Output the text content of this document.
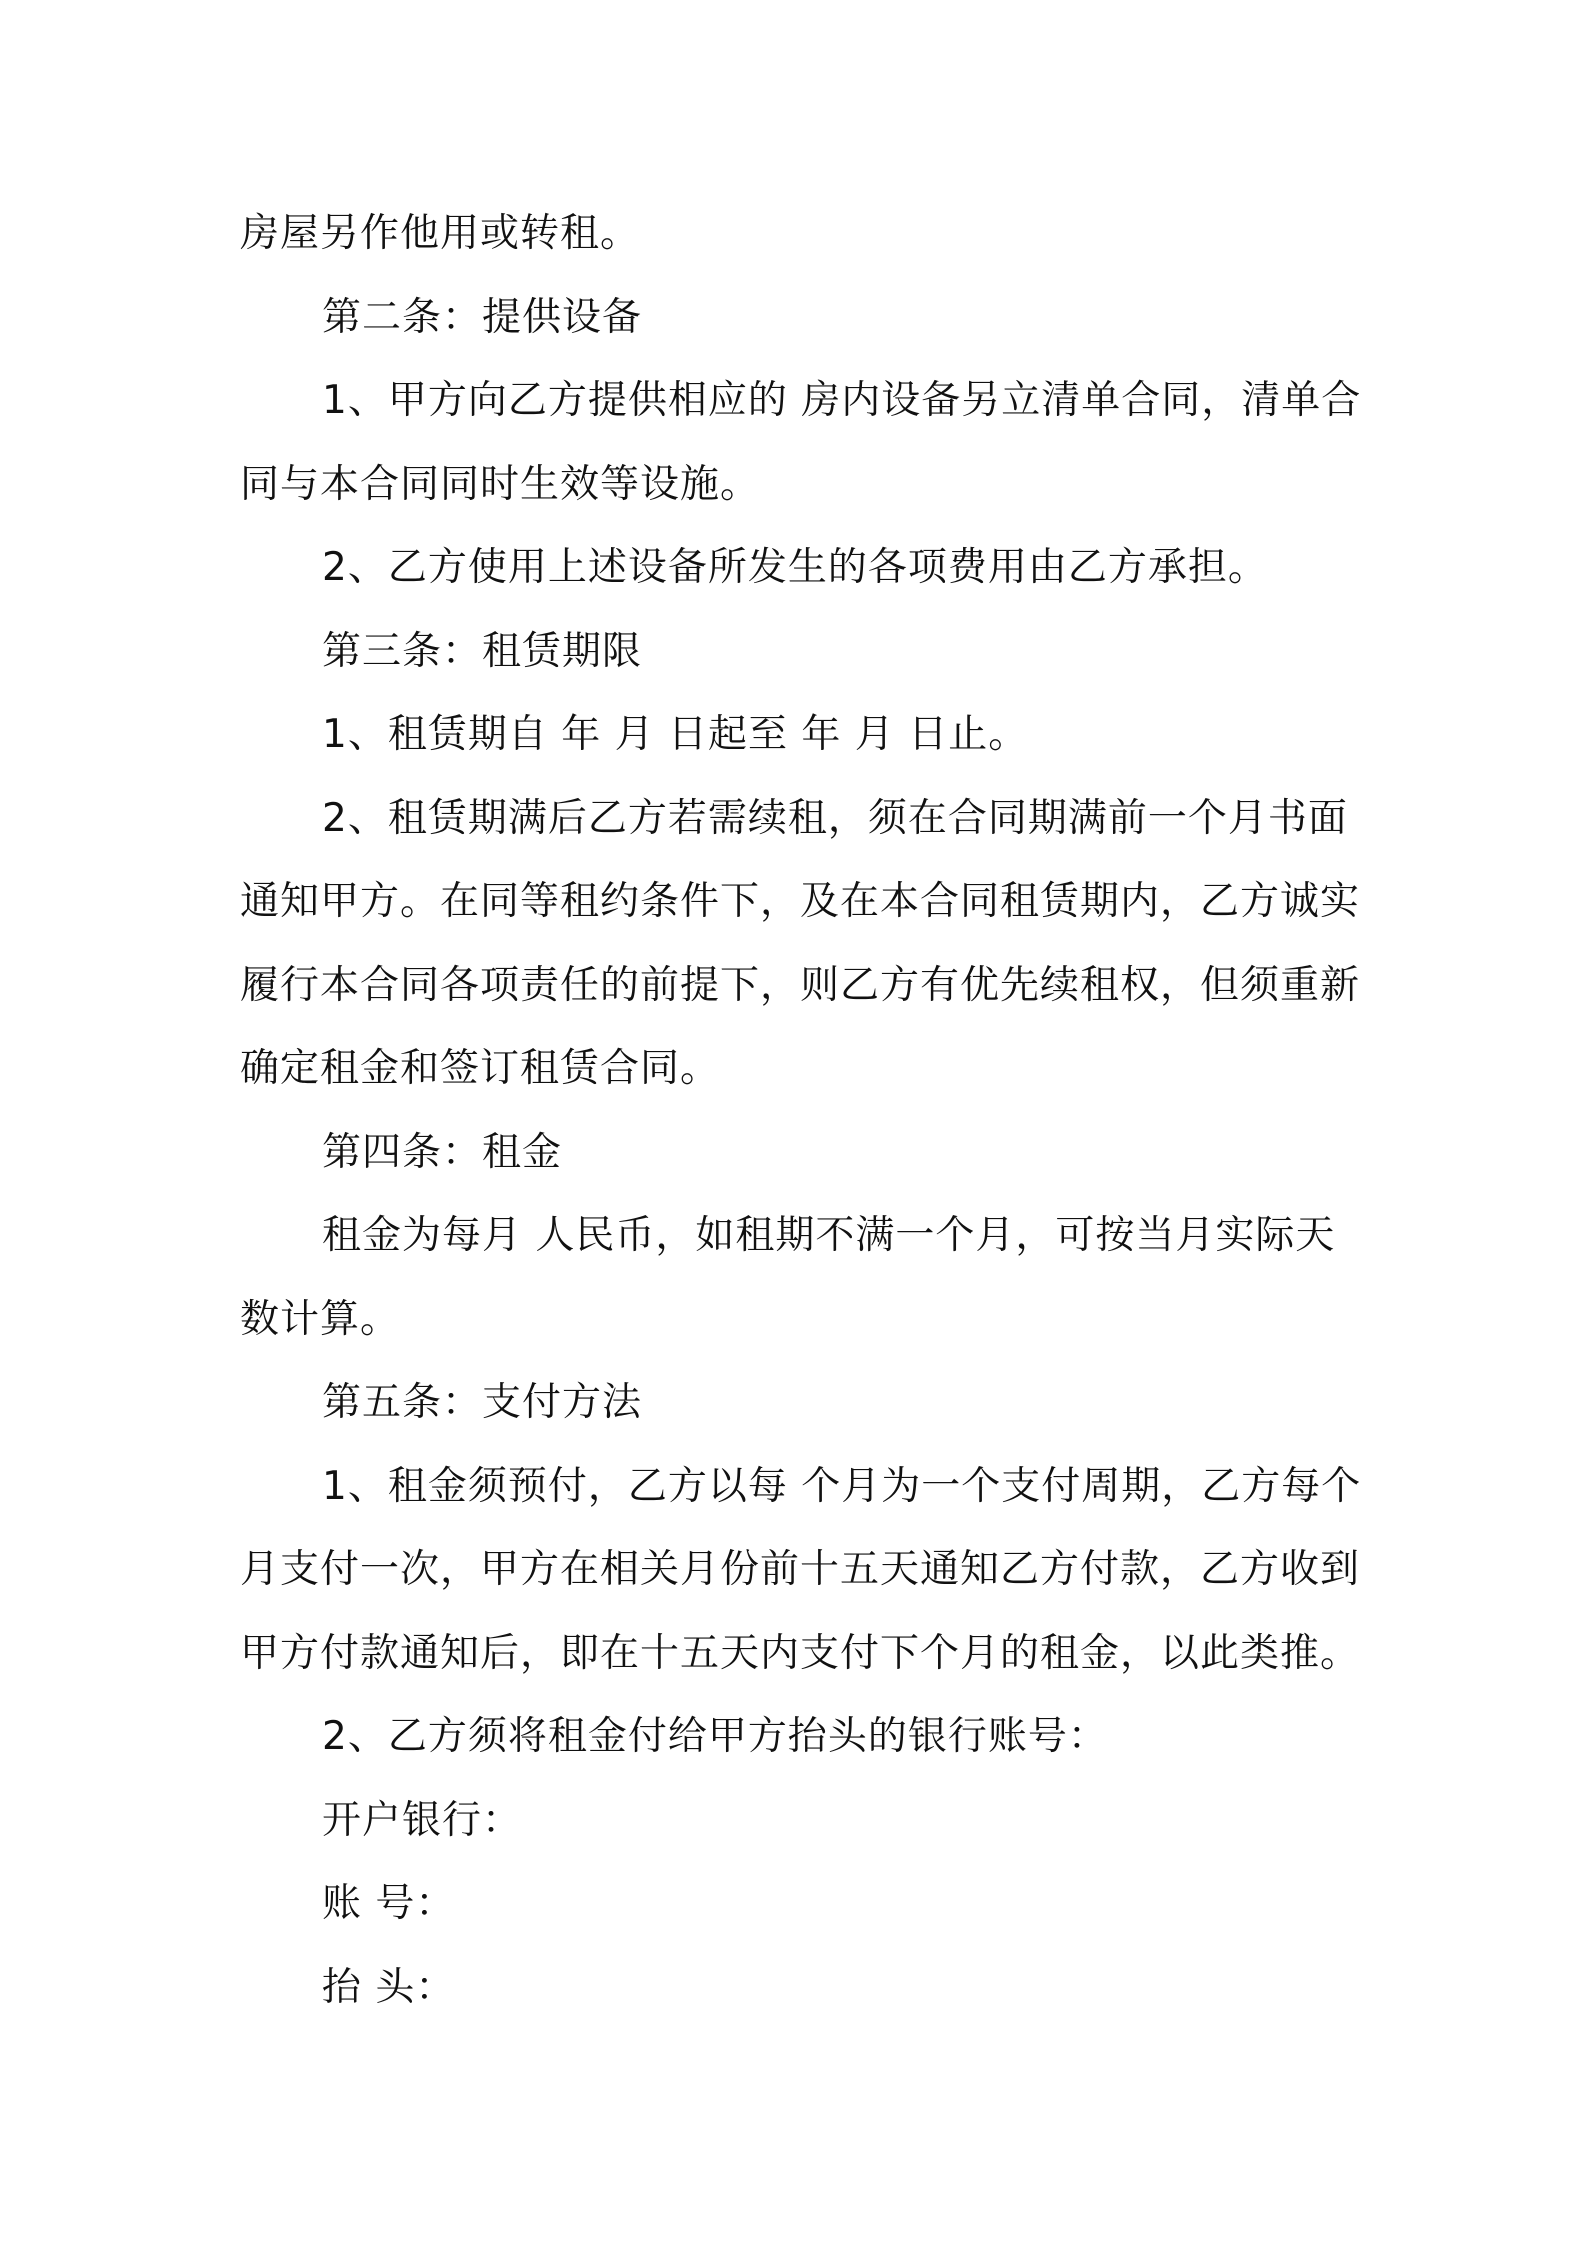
房屋另作他用或转租。
第二条：提供设备
1、甲方向乙方提供相应的 房内设备另立清单合同，清单合
同与本合同同时生效等设施。
2、乙方使用上述设备所发生的各项费用由乙方承担。
第三条：租赁期限
1、租赁期自 年 月 日起至 年 月 日止。
2、租赁期满后乙方若需续租，须在合同期满前一个月书面
通知甲方。在同等租约条件下，及在本合同租赁期内，乙方诚实
履行本合同各项责任的前提下，则乙方有优先续租权，但须重新
确定租金和签订租赁合同。
第四条：租金
租金为每月 人民币，如租期不满一个月，可按当月实际天
数计算。
第五条：支付方法
1、租金须预付，乙方以每 个月为一个支付周期，乙方每个
月支付一次，甲方在相关月份前十五天通知乙方付款，乙方收到
甲方付款通知后，即在十五天内支付下个月的租金，以此类推。
2、乙方须将租金付给甲方抬头的银行账号：
开户银行：
账 号：
抬 头：
